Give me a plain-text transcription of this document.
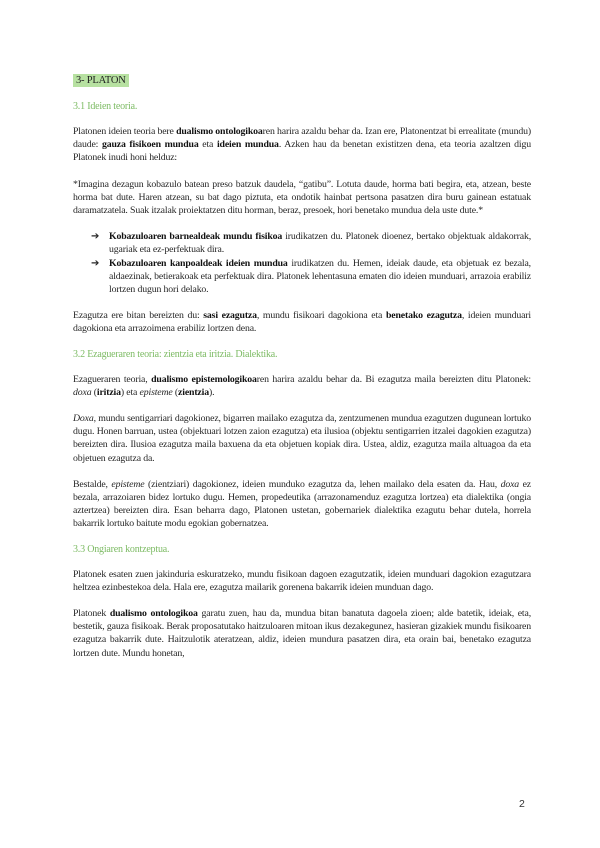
3- PLATON
3.1 Ideien teoria.

Platonen ideien teoria bere dualismo ontologikoaren harira azaldu behar da. Izan ere, Platonentzat bi errealitate (mundu) daude: gauza fisikoen mundua eta ideien mundua. Azken hau da benetan existitzen dena, eta teoria azaltzen digu Platonek inudi honi helduz:

*Imagina dezagun kobazulo batean preso batzuk daudela, “gatibu”. Lotuta daude, horma bati begira, eta, atzean, beste horma bat dute. Haren atzean, su bat dago piztuta, eta ondotik hainbat pertsona pasatzen dira buru gainean estatuak daramatzatela. Suak itzalak proiektatzen ditu horman, beraz, presoek, hori benetako mundua dela uste dute.*

➔ Kobazuloaren barnealdeak mundu fisikoa irudikatzen du. Platonek dioenez, bertako objektuak aldakorrak, ugariak eta ez-perfektuak dira.
➔ Kobazuloaren kanpoaldeak ideien mundua irudikatzen du. Hemen, ideiak daude, eta objetuak ez bezala, aldaezinak, betierakoak eta perfektuak dira. Platonek lehentasuna ematen dio ideien munduari, arrazoia erabiliz lortzen dugun hori delako.

Ezagutza ere bitan bereizten du: sasi ezagutza, mundu fisikoari dagokiona eta benetako ezagutza, ideien munduari dagokiona eta arrazoimena erabiliz lortzen dena.

3.2 Ezagueraren teoria: zientzia eta iritzia. Dialektika.

Ezagueraren teoria, dualismo epistemologikoaren harira azaldu behar da. Bi ezagutza maila bereizten ditu Platonek: doxa (iritzia) eta episteme (zientzia).

Doxa, mundu sentigarriari dagokionez, bigarren mailako ezagutza da, zentzumenen mundua ezagutzen dugunean lortuko dugu. Honen barruan, ustea (objektuari lotzen zaion ezagutza) eta ilusioa (objektu sentigarrien itzalei dagokien ezagutza) bereizten dira. Ilusioa ezagutza maila baxuena da eta objetuen kopiak dira. Ustea, aldiz, ezagutza maila altuagoa da eta objetuen ezagutza da.

Bestalde, episteme (zientziari) dagokionez, ideien munduko ezagutza da, lehen mailako dela esaten da. Hau, doxa ez bezala, arrazoiaren bidez lortuko dugu. Hemen, propedeutika (arrazonamenduz ezagutza lortzea) eta dialektika (ongia aztertzea) bereizten dira. Esan beharra dago, Platonen ustetan, gobernariek dialektika ezagutu behar dutela, horrela bakarrik lortuko baitute modu egokian gobernatzea.

3.3 Ongiaren kontzeptua.

Platonek esaten zuen jakinduria eskuratzeko, mundu fisikoan dagoen ezagutzatik, ideien munduari dagokion ezagutzara heltzea ezinbestekoa dela. Hala ere, ezagutza mailarik gorenena bakarrik ideien munduan dago.

Platonek dualismo ontologikoa garatu zuen, hau da, mundua bitan banatuta dagoela zioen; alde batetik, ideiak, eta, bestetik, gauza fisikoak. Berak proposatutako haitzuloaren mitoan ikus dezakegunez, hasieran gizakiek mundu fisikoaren ezagutza bakarrik dute. Haitzulotik ateratzean, aldiz, ideien mundura pasatzen dira, eta orain bai, benetako ezagutza lortzen dute. Mundu honetan,

2
